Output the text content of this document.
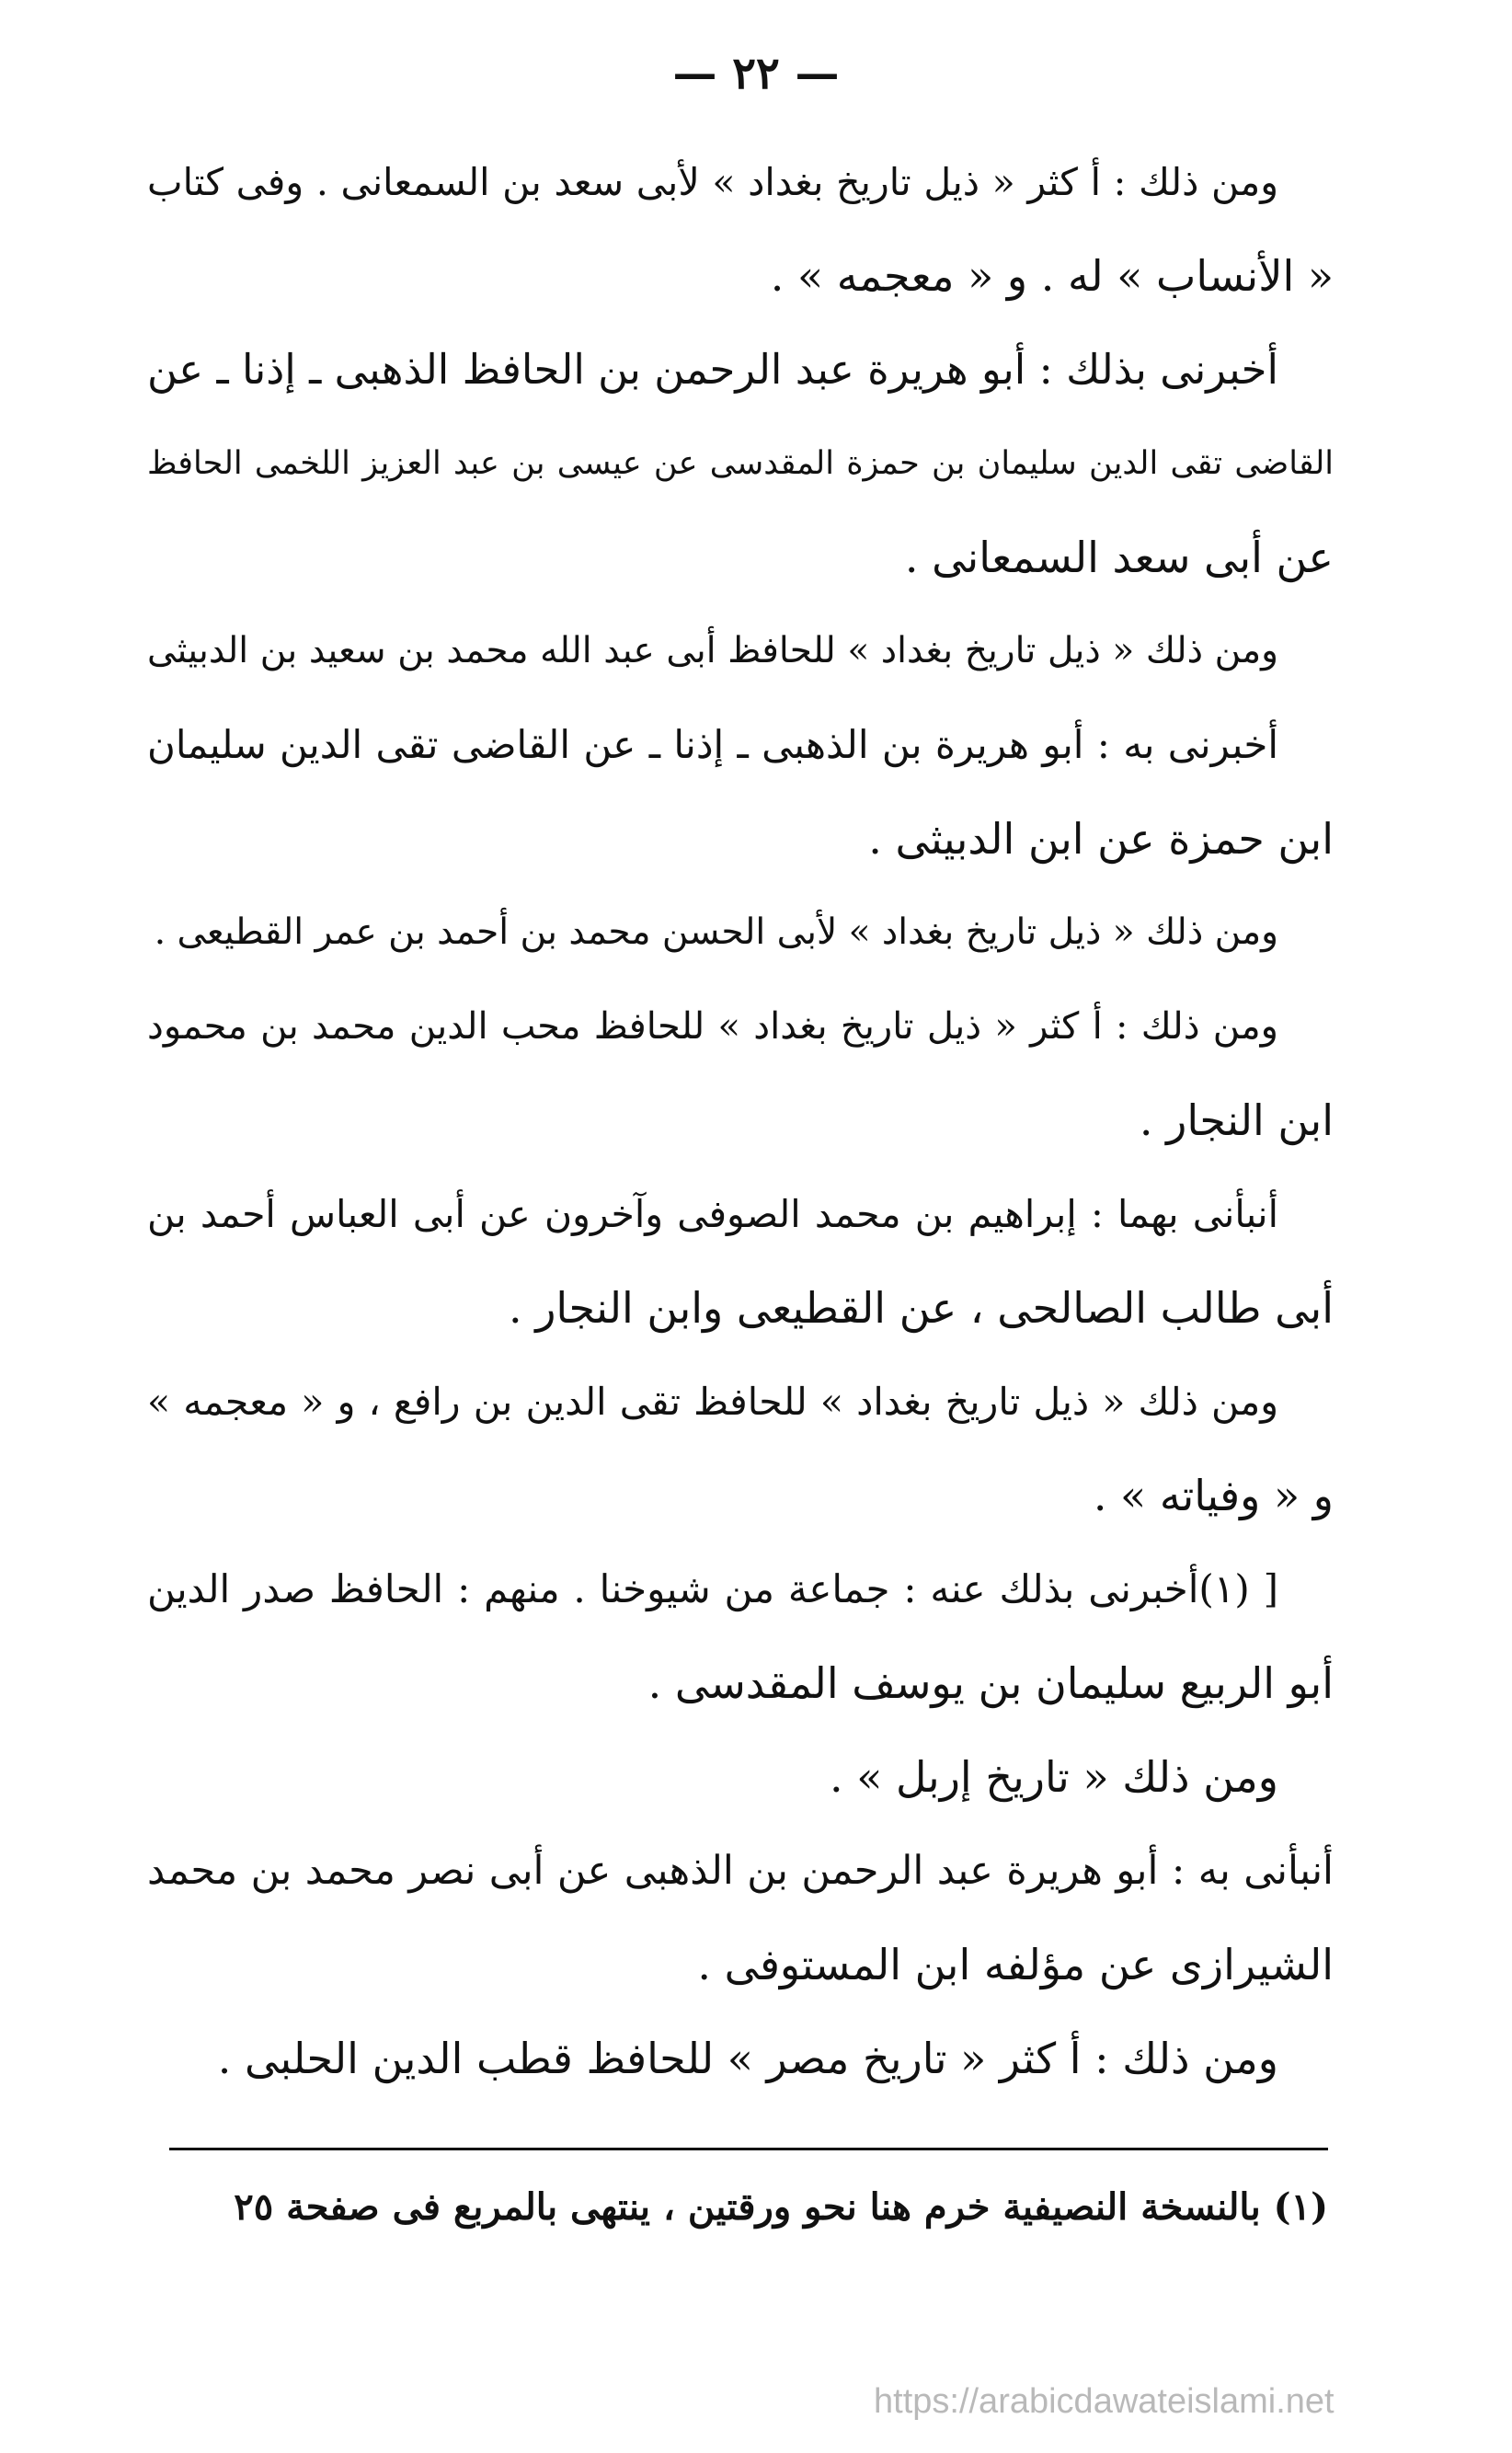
— ٢٢ —
ومن ذلك : أ كثر « ذيل تاريخ بغداد » لأبى سعد بن السمعانى . وفى كتاب
« الأنساب » له . و « معجمه » .
أخبرنى بذلك : أبو هريرة عبد الرحمن بن الحافظ الذهبى ـ إذنا ـ عن
القاضى تقى الدين سليمان بن حمزة المقدسى عن عيسى بن عبد العزيز اللخمى الحافظ
عن أبى سعد السمعانى .
ومن ذلك « ذيل تاريخ بغداد » للحافظ أبى عبد الله محمد بن سعيد بن الدبيثى
أخبرنى به : أبو هريرة بن الذهبى ـ إذنا ـ عن القاضى تقى الدين سليمان
ابن حمزة عن ابن الدبيثى .
ومن ذلك « ذيل تاريخ بغداد » لأبى الحسن محمد بن أحمد بن عمر القطيعى .
ومن ذلك : أ كثر « ذيل تاريخ بغداد » للحافظ محب الدين محمد بن محمود
ابن النجار .
أنبأنى بهما : إبراهيم بن محمد الصوفى وآخرون عن أبى العباس أحمد بن
أبى طالب الصالحى ، عن القطيعى وابن النجار .
ومن ذلك « ذيل تاريخ بغداد » للحافظ تقى الدين بن رافع ، و « معجمه »
و « وفياته » .
[ (١)أخبرنى بذلك عنه : جماعة من شيوخنا . منهم : الحافظ صدر الدين
أبو الربيع سليمان بن يوسف المقدسى .
ومن ذلك « تاريخ إربل » .
أنبأنى به : أبو هريرة عبد الرحمن بن الذهبى عن أبى نصر محمد بن محمد
الشيرازى عن مؤلفه ابن المستوفى .
ومن ذلك : أ كثر « تاريخ مصر » للحافظ قطب الدين الحلبى .
(١) بالنسخة النصيفية خرم هنا نحو ورقتين ، ينتهى بالمربع فى صفحة ٢٥
https://arabicdawateislami.net
